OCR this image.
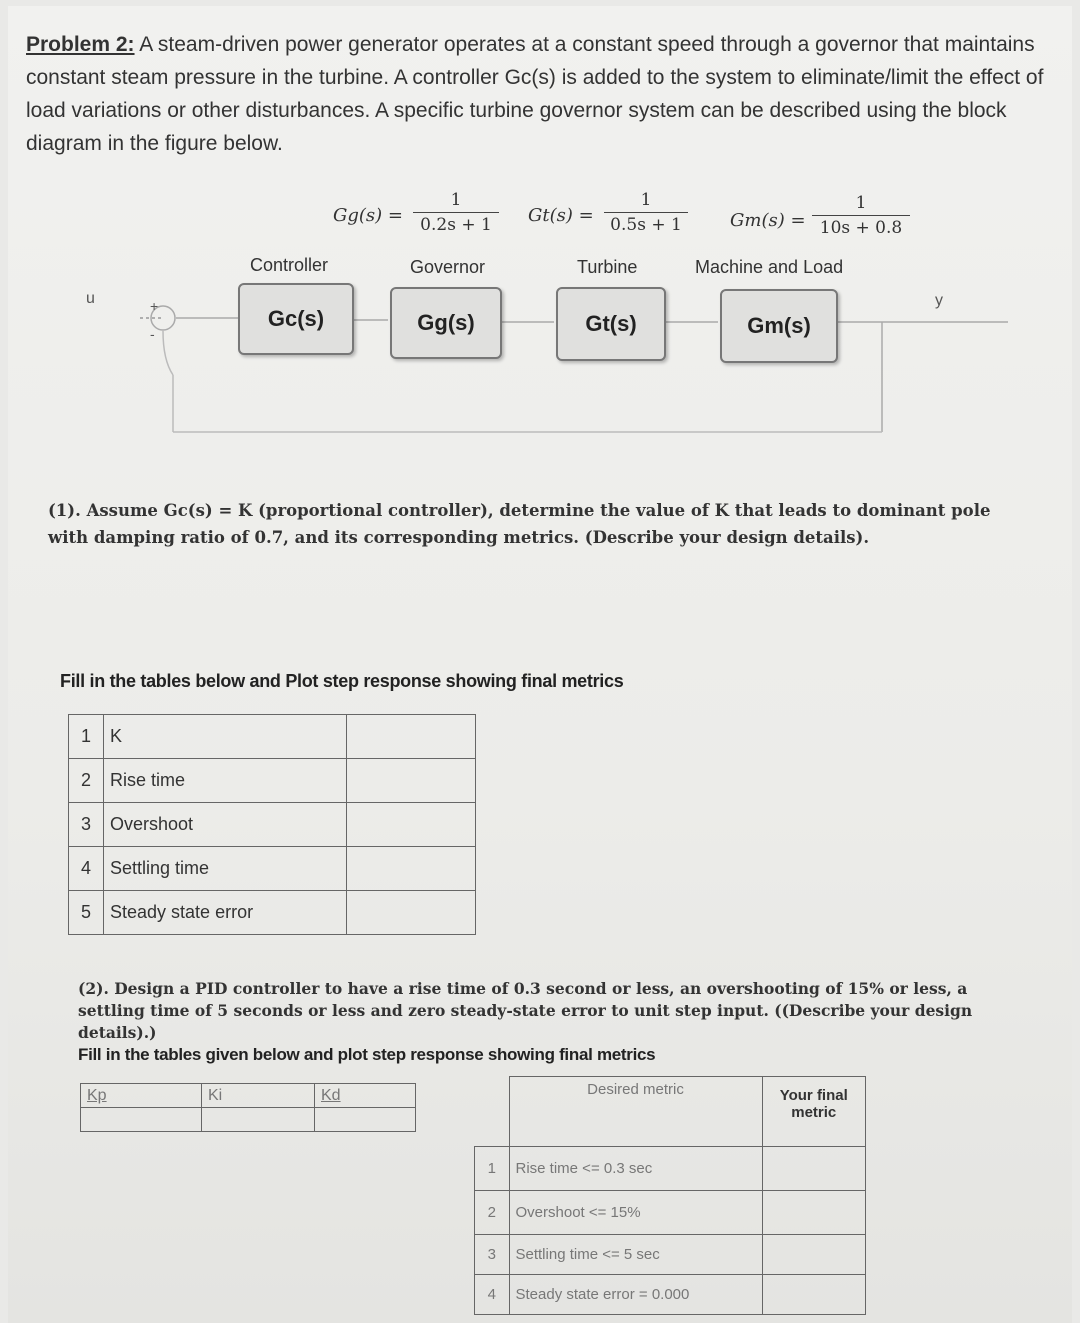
Problem 2: A steam-driven power generator operates at a constant speed through a governor that maintains constant steam pressure in the turbine. A controller Gc(s) is added to the system to eliminate/limit the effect of load variations or other disturbances. A specific turbine governor system can be described using the block diagram in the figure below.
$Gg(s) = \frac{1}{0.2s + 1} Gt(s) = \frac{1}{0.5s + 1} Gm(s) = \frac{1}{10s + 0.8}$
Controller	Governor	Turbine	Machine and Load
u	+
-
y
Gc(s)	Gg(s)	Gt(s)	Gm(s)
(1). Assume Gc(s) = K (proportional controller), determine the value of K that leads to dominant pole with damping ratio of 0.7, and its corresponding metrics. (Describe your design details).
Fill in the tables below and Plot step response showing final metrics
1	K	
2	Rise time	
3	Overshoot	
4	Settling time	
5	Steady state error	
(2). Design a PID controller to have a rise time of 0.3 second or less, an overshooting of 15% or less, a settling time of 5 seconds or less and zero steady-state error to unit step input. ((Describe your design details).)
Fill in the tables given below and plot step response showing final metrics
Kp	Ki	Kd

		Desired metric	Your final metric
1	Rise time <= 0.3 sec	
2	Overshoot <= 15%	
3	Settling time <= 5 sec	
4	Steady state error = 0.000	
